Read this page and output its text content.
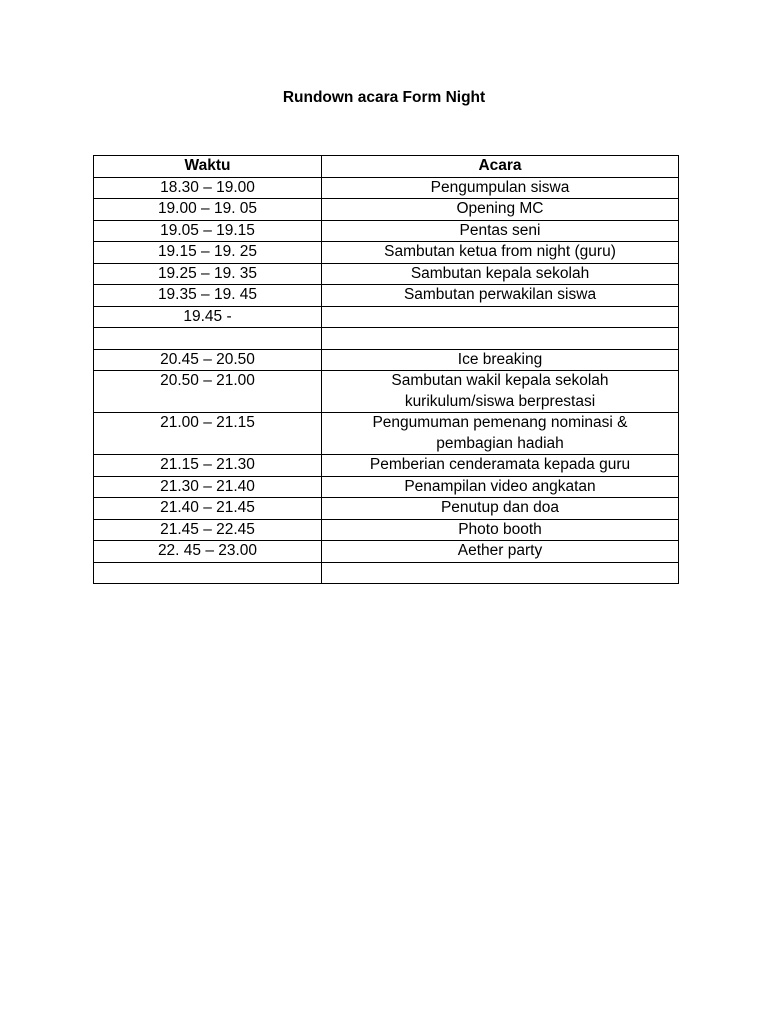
Rundown acara Form Night
Waktu	Acara

18.30 – 19.00	Pengumpulan siswa

19.00 – 19. 05	Opening MC

19.05 – 19.15	Pentas seni

19.15 – 19. 25	Sambutan ketua from night (guru)

19.25 – 19. 35	Sambutan kepala sekolah

19.35 – 19. 45	Sambutan perwakilan siswa

19.45 -	

20.45 – 20.50	Ice breaking

20.50 – 21.00	Sambutan wakil kepala sekolah
kurikulum/siswa berprestasi

21.00 – 21.15	Pengumuman pemenang nominasi &
pembagian hadiah

21.15 – 21.30	Pemberian cenderamata kepada guru

21.30 – 21.40	Penampilan video angkatan

21.40 – 21.45	Penutup dan doa

21.45 – 22.45	Photo booth

22. 45 – 23.00	Aether party
